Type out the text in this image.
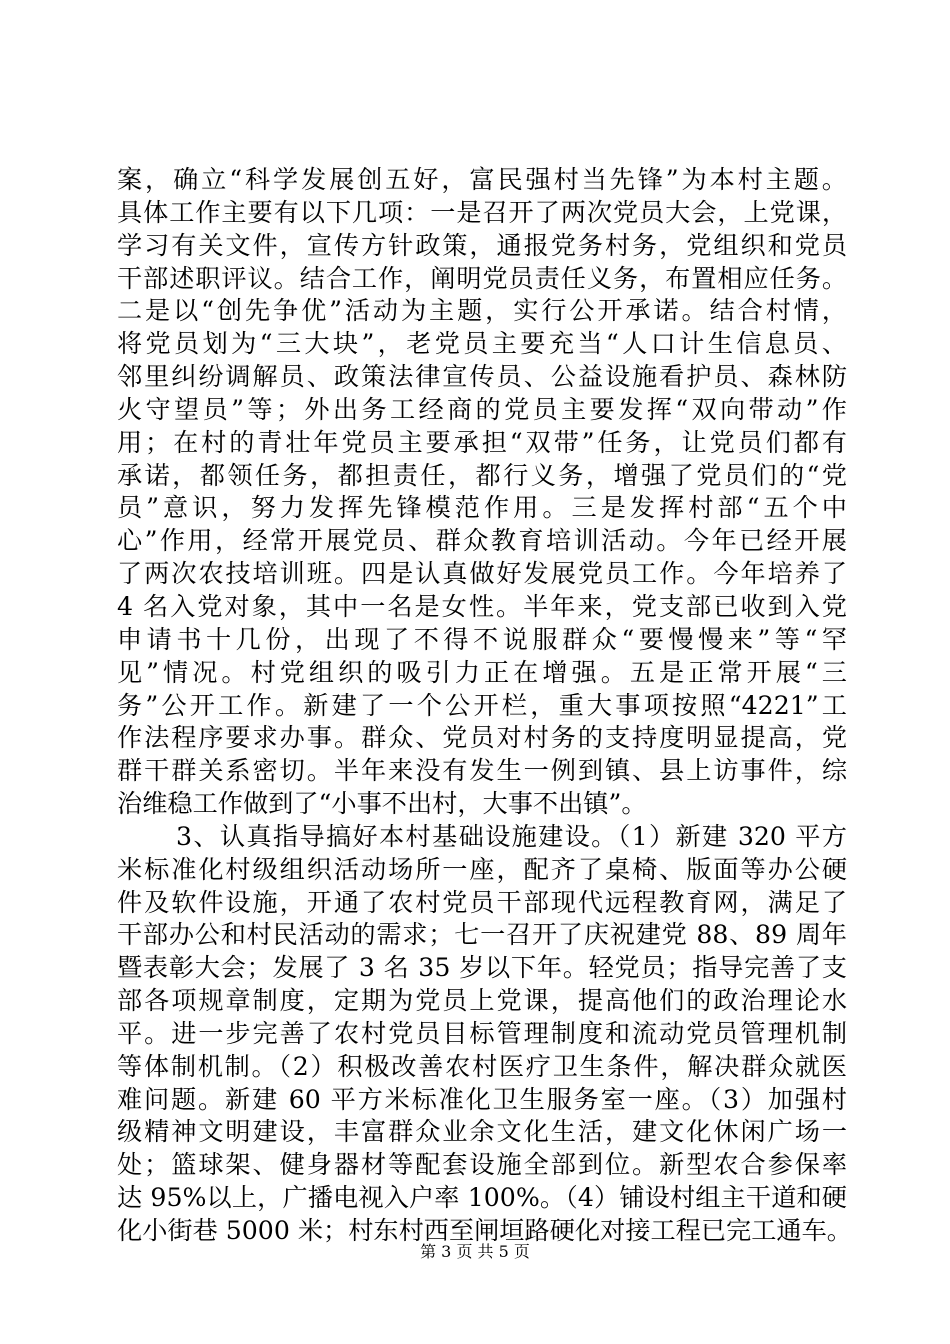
案，确立“科学发展创五好，富民强村当先锋”为本村主题。
具体工作主要有以下几项：一是召开了两次党员大会，上党课，
学习有关文件，宣传方针政策，通报党务村务，党组织和党员
干部述职评议。结合工作，阐明党员责任义务，布置相应任务。
二是以“创先争优”活动为主题，实行公开承诺。结合村情，
将党员划为“三大块”，老党员主要充当“人口计生信息员、
邻里纠纷调解员、政策法律宣传员、公益设施看护员、森林防
火守望员”等；外出务工经商的党员主要发挥“双向带动”作
用；在村的青壮年党员主要承担“双带”任务，让党员们都有
承诺，都领任务，都担责任，都行义务，增强了党员们的“党
员”意识，努力发挥先锋模范作用。三是发挥村部“五个中
心”作用，经常开展党员、群众教育培训活动。今年已经开展
了两次农技培训班。四是认真做好发展党员工作。今年培养了
4 名入党对象，其中一名是女性。半年来，党支部已收到入党
申请书十几份，出现了不得不说服群众“要慢慢来”等“罕
见”情况。村党组织的吸引力正在增强。五是正常开展“三
务”公开工作。新建了一个公开栏，重大事项按照“4221”工
作法程序要求办事。群众、党员对村务的支持度明显提高，党
群干群关系密切。半年来没有发生一例到镇、县上访事件，综
治维稳工作做到了“小事不出村，大事不出镇”。
3、认真指导搞好本村基础设施建设。（1）新建 320 平方
米标准化村级组织活动场所一座，配齐了桌椅、版面等办公硬
件及软件设施，开通了农村党员干部现代远程教育网，满足了
干部办公和村民活动的需求；七一召开了庆祝建党 88、89 周年
暨表彰大会；发展了 3 名 35 岁以下年。轻党员；指导完善了支
部各项规章制度，定期为党员上党课，提高他们的政治理论水
平。进一步完善了农村党员目标管理制度和流动党员管理机制
等体制机制。（2）积极改善农村医疗卫生条件，解决群众就医
难问题。新建 60 平方米标准化卫生服务室一座。（3）加强村
级精神文明建设，丰富群众业余文化生活，建文化休闲广场一
处；篮球架、健身器材等配套设施全部到位。新型农合参保率
达 95%以上，广播电视入户率 100%。（4）铺设村组主干道和硬
化小街巷 5000 米；村东村西至闸垣路硬化对接工程已完工通车。
第 3 页 共 5 页
